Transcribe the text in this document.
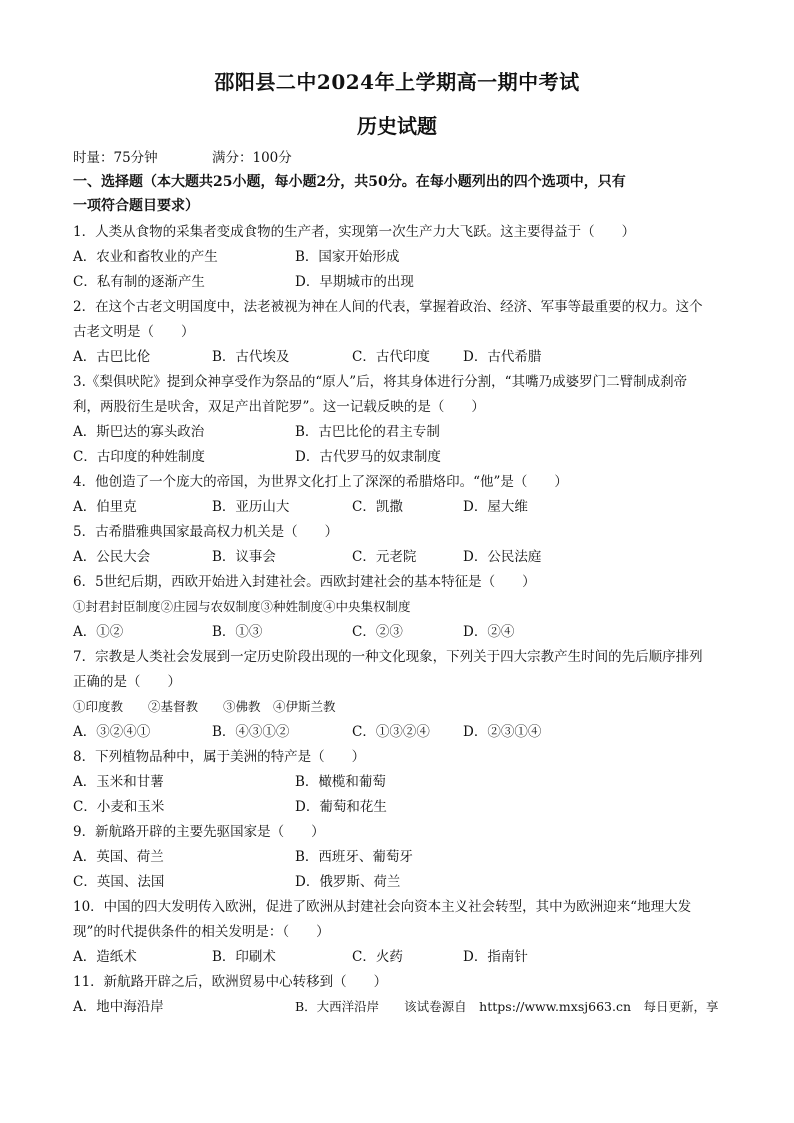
邵阳县二中2024年上学期高一期中考试
历史试题
时量：75分钟	满分：100分
一、选择题（本大题共25小题，每小题2分，共50分。在每小题列出的四个选项中，只有
一项符合题目要求）
1．人类从食物的采集者变成食物的生产者，实现第一次生产力大飞跃。这主要得益于（　　）
A．农业和畜牧业的产生	B．国家开始形成
C．私有制的逐渐产生	D．早期城市的出现
2．在这个古老文明国度中，法老被视为神在人间的代表，掌握着政治、经济、军事等最重要的权力。这个
古老文明是（　　）
A．古巴比伦	B．古代埃及	C．古代印度 D．古代希腊
3.《梨俱吠陀》提到众神享受作为祭品的“原人”后，将其身体进行分割，“其嘴乃成婆罗门二臂制成刹帝
利，两股衍生是吠舍，双足产出首陀罗”。这一记载反映的是（　　）
A．斯巴达的寡头政治	B．古巴比伦的君主专制
C．古印度的种姓制度	D．古代罗马的奴隶制度
4．他创造了一个庞大的帝国，为世界文化打上了深深的希腊烙印。“他”是（　　）
A．伯里克	B．亚历山大	C．凯撒	D．屋大维
5．古希腊雅典国家最高权力机关是（　　）
A．公民大会	B．议事会	C．元老院	D．公民法庭
6．5世纪后期，西欧开始进入封建社会。西欧封建社会的基本特征是（　　）
①封君封臣制度②庄园与农奴制度③种姓制度④中央集权制度
A．①②	B．①③	C．②③	D．②④
7．宗教是人类社会发展到一定历史阶段出现的一种文化现象，下列关于四大宗教产生时间的先后顺序排列
正确的是（　　）
①印度教　　②基督教　　③佛教　④伊斯兰教
A．③②④①	B．④③①②	C．①③②④ D．②③①④
8．下列植物品种中，属于美洲的特产是（　　）
A．玉米和甘薯	B．橄榄和葡萄
C．小麦和玉米	D．葡萄和花生
9．新航路开辟的主要先驱国家是（　　）
A．英国、荷兰	B．西班牙、葡萄牙
C．英国、法国	D．俄罗斯、荷兰
10．中国的四大发明传入欧洲，促进了欧洲从封建社会向资本主义社会转型，其中为欧洲迎来“地理大发
现”的时代提供条件的相关发明是：（　　）
A．造纸术	B．印刷术	C．火药	D．指南针
11．新航路开辟之后，欧洲贸易中心转移到（　　）
A．地中海沿岸	B．大西洋沿岸　　该试卷源自　https://www.mxsj663.cn　每日更新，享
